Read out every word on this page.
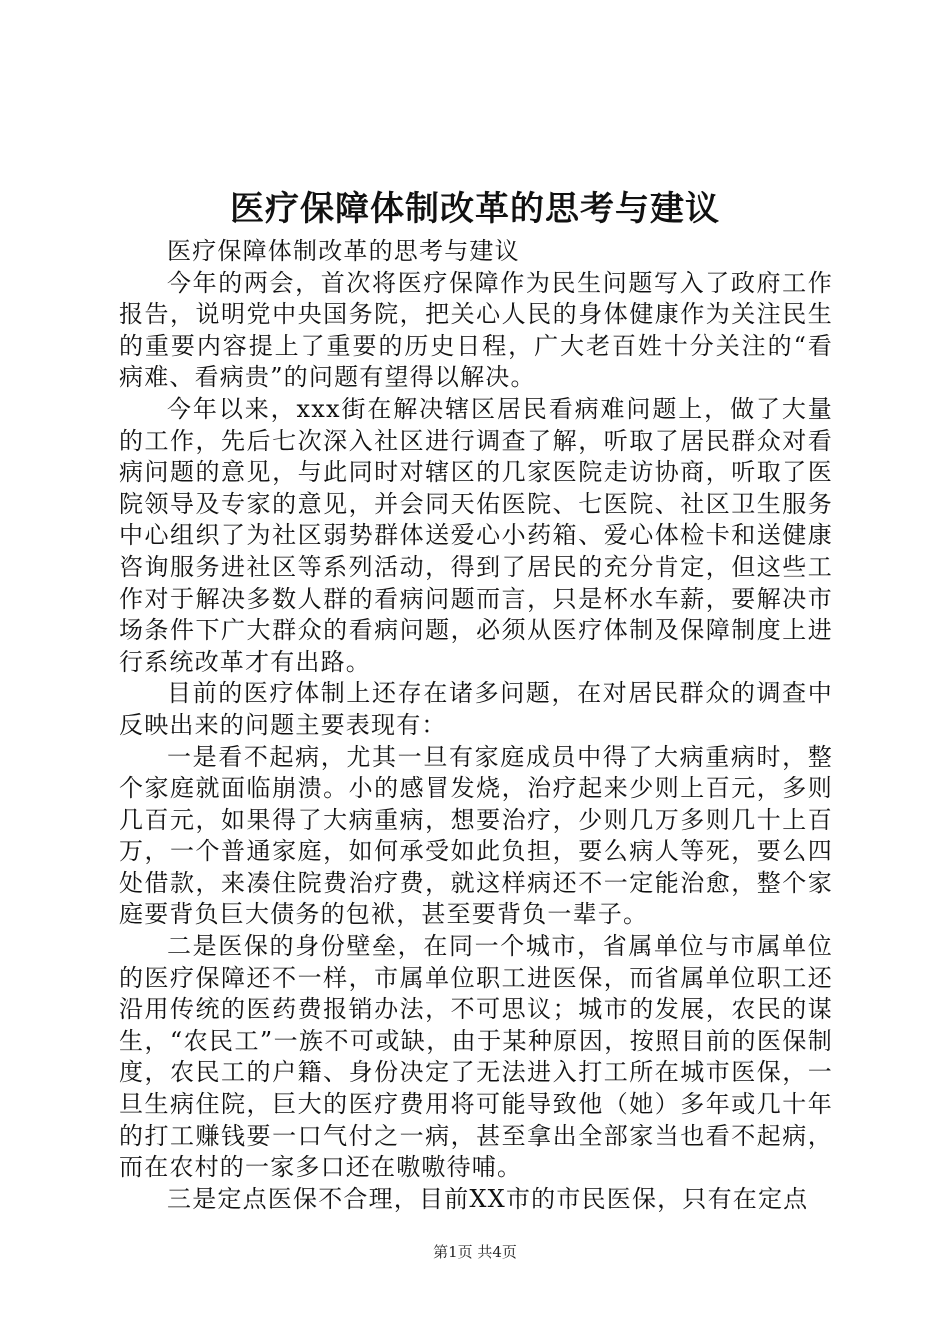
医疗保障体制改革的思考与建议

医疗保障体制改革的思考与建议

今年的两会，首次将医疗保障作为民生问题写入了政府工作报告，说明党中央国务院，把关心人民的身体健康作为关注民生的重要内容提上了重要的历史日程，广大老百姓十分关注的“看病难、看病贵”的问题有望得以解决。

今年以来，xxx街在解决辖区居民看病难问题上，做了大量的工作，先后七次深入社区进行调查了解，听取了居民群众对看病问题的意见，与此同时对辖区的几家医院走访协商，听取了医院领导及专家的意见，并会同天佑医院、七医院、社区卫生服务中心组织了为社区弱势群体送爱心小药箱、爱心体检卡和送健康咨询服务进社区等系列活动，得到了居民的充分肯定，但这些工作对于解决多数人群的看病问题而言，只是杯水车薪，要解决市场条件下广大群众的看病问题，必须从医疗体制及保障制度上进行系统改革才有出路。

目前的医疗体制上还存在诸多问题，在对居民群众的调查中反映出来的问题主要表现有：

一是看不起病，尤其一旦有家庭成员中得了大病重病时，整个家庭就面临崩溃。小的感冒发烧，治疗起来少则上百元，多则几百元，如果得了大病重病，想要治疗，少则几万多则几十上百万，一个普通家庭，如何承受如此负担，要么病人等死，要么四处借款，来凑住院费治疗费，就这样病还不一定能治愈，整个家庭要背负巨大债务的包袱，甚至要背负一辈子。

二是医保的身份壁垒，在同一个城市，省属单位与市属单位的医疗保障还不一样，市属单位职工进医保，而省属单位职工还沿用传统的医药费报销办法，不可思议；城市的发展，农民的谋生，“农民工”一族不可或缺，由于某种原因，按照目前的医保制度，农民工的户籍、身份决定了无法进入打工所在城市医保，一旦生病住院，巨大的医疗费用将可能导致他（她）多年或几十年的打工赚钱要一口气付之一病，甚至拿出全部家当也看不起病，而在农村的一家多口还在嗷嗷待哺。

三是定点医保不合理，目前XX市的市民医保，只有在定点

第1页 共4页
